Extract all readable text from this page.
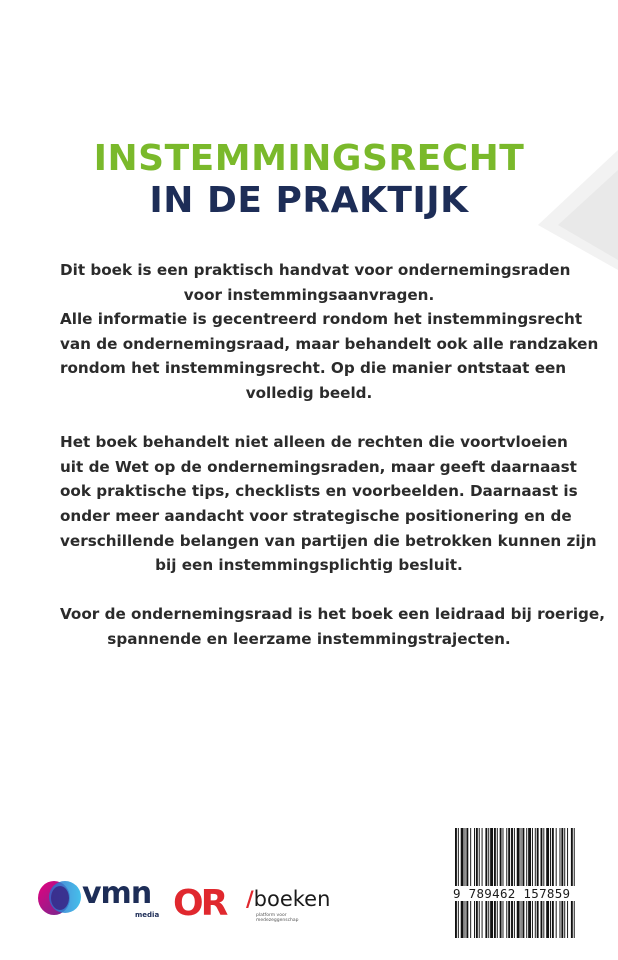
INSTEMMINGSRECHT
IN DE PRAKTIJK

Dit boek is een praktisch handvat voor ondernemingsraden
voor instemmingsaanvragen.
Alle informatie is gecentreerd rondom het instemmingsrecht
van de ondernemingsraad, maar behandelt ook alle randzaken
rondom het instemmingsrecht. Op die manier ontstaat een
volledig beeld.

Het boek behandelt niet alleen de rechten die voortvloeien
uit de Wet op de ondernemingsraden, maar geeft daarnaast
ook praktische tips, checklists en voorbeelden. Daarnaast is
onder meer aandacht voor strategische positionering en de
verschillende belangen van partijen die betrokken kunnen zijn
bij een instemmingsplichtig besluit.

Voor de ondernemingsraad is het boek een leidraad bij roerige,
spannende en leerzame instemmingstrajecten.

vmn
media OR /boeken
platform voor medezeggenschap
9 789462 157859
